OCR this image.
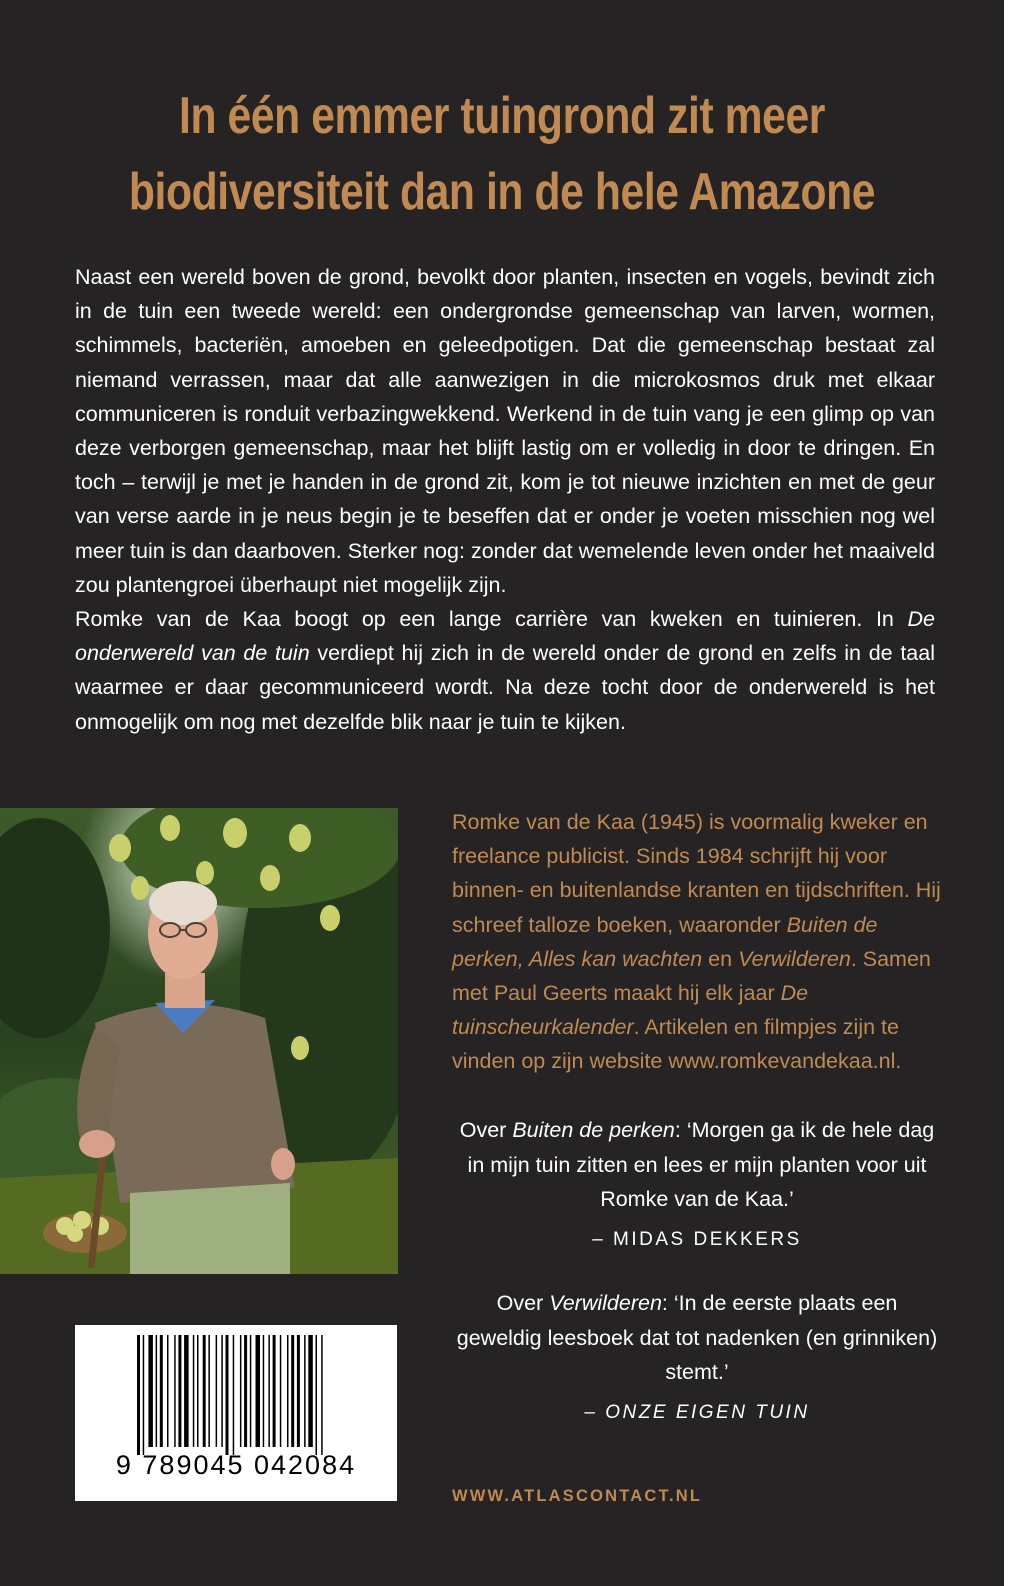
In één emmer tuingrond zit meer
biodiversiteit dan in de hele Amazone

Naast een wereld boven de grond, bevolkt door planten, insecten en vogels, bevindt zich in de tuin een tweede wereld: een ondergrondse gemeenschap van larven, wormen, schimmels, bacteriën, amoeben en geleedpotigen. Dat die gemeenschap bestaat zal niemand verrassen, maar dat alle aanwezigen in die microkosmos druk met elkaar communiceren is ronduit verbazingwekkend. Werkend in de tuin vang je een glimp op van deze verborgen gemeenschap, maar het blijft lastig om er volledig in door te dringen. En toch – terwijl je met je handen in de grond zit, kom je tot nieuwe inzichten en met de geur van verse aarde in je neus begin je te beseffen dat er onder je voeten misschien nog wel meer tuin is dan daarboven. Sterker nog: zonder dat wemelende leven onder het maaiveld zou plantengroei überhaupt niet mogelijk zijn.

Romke van de Kaa boogt op een lange carrière van kweken en tuinieren. In De onderwereld van de tuin verdiept hij zich in de wereld onder de grond en zelfs in de taal waarmee er daar gecommuniceerd wordt. Na deze tocht door de onderwereld is het onmogelijk om nog met dezelfde blik naar je tuin te kijken.

Romke van de Kaa (1945) is voormalig kweker en freelance publicist. Sinds 1984 schrijft hij voor binnen- en buitenlandse kranten en tijdschriften. Hij schreef talloze boeken, waaronder Buiten de perken, Alles kan wachten en Verwilderen. Samen met Paul Geerts maakt hij elk jaar De tuinscheurkalender. Artikelen en filmpjes zijn te vinden op zijn website www.romkevandekaa.nl.

Over Buiten de perken: ‘Morgen ga ik de hele dag in mijn tuin zitten en lees er mijn planten voor uit Romke van de Kaa.’

– MIDAS DEKKERS

Over Verwilderen: ‘In de eerste plaats een geweldig leesboek dat tot nadenken (en grinniken) stemt.’

– ONZE EIGEN TUIN

9 789045 042084
WWW.ATLASCONTACT.NL
